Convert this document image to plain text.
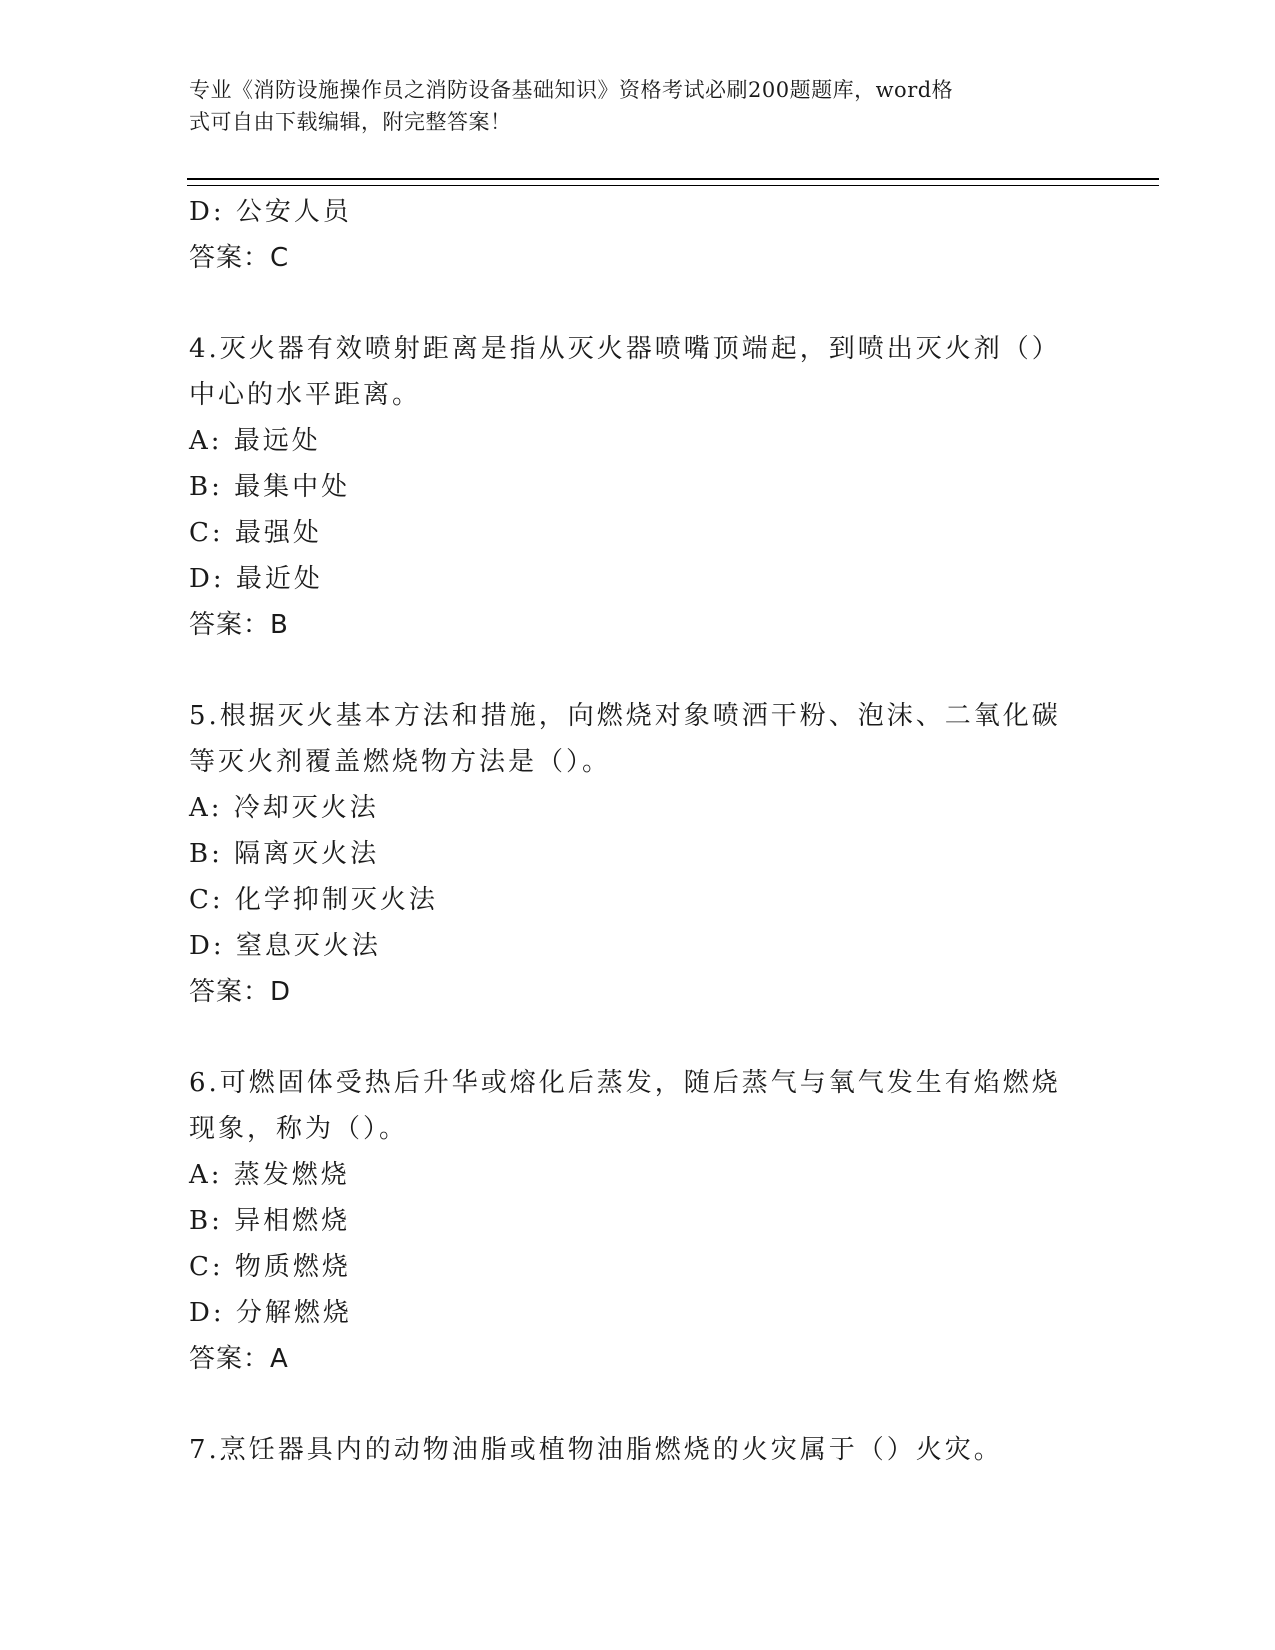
专业《消防设施操作员之消防设备基础知识》资格考试必刷200题题库，word格
式可自由下载编辑，附完整答案！
D: 公安人员
答案：C
4.灭火器有效喷射距离是指从灭火器喷嘴顶端起，到喷出灭火剂（）
中心的水平距离。
A: 最远处
B: 最集中处
C: 最强处
D: 最近处
答案：B
5.根据灭火基本方法和措施，向燃烧对象喷洒干粉、泡沫、二氧化碳
等灭火剂覆盖燃烧物方法是（）。
A: 冷却灭火法
B: 隔离灭火法
C: 化学抑制灭火法
D: 窒息灭火法
答案：D
6.可燃固体受热后升华或熔化后蒸发，随后蒸气与氧气发生有焰燃烧
现象，称为（）。
A: 蒸发燃烧
B: 异相燃烧
C: 物质燃烧
D: 分解燃烧
答案：A
7.烹饪器具内的动物油脂或植物油脂燃烧的火灾属于（）火灾。
